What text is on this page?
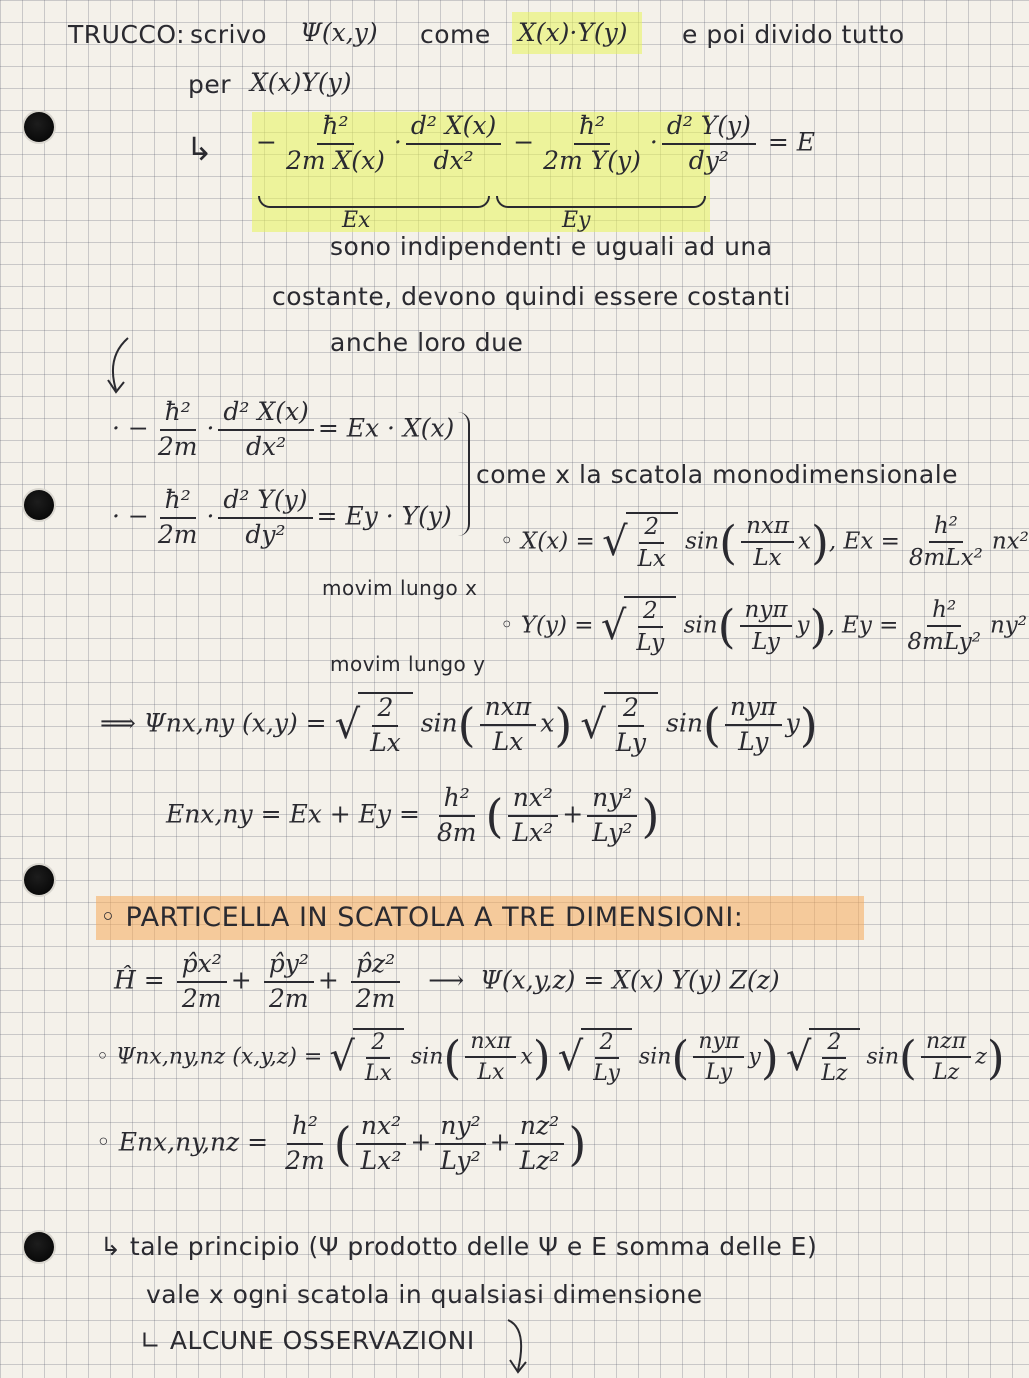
TRUCCO: scrivo Ψ(x,y) come X(x)·Y(y) e poi divido tutto
per X(x)Y(y)
↳ − $\frac{\text{ħ²}}{\text{2m X(x)}} \cdot \frac{\text{d² X(x)}}{\text{dx²}} - \frac{\text{ħ²}}{\text{2m Y(y)}} \cdot \frac{\text{d² Y(y)}}{\text{dy²}} = E$
Ex	Ey
sono indipendenti e uguali ad una
costante, devono quindi essere costanti
anche loro due
· − $\frac{\text{ħ²}}{2m} \cdot \frac{\text{d² X(x)}}{\text{dx²}} = Ex \cdot X(x)$
· − $\frac{\text{ħ²}}{2m} \cdot \frac{\text{d² Y(y)}}{\text{dy²}} = Ey \cdot Y(y)$
come x la scatola monodimensionale
movim lungo x
movim lungo y
◦ X(x) = √ $\frac{2}{Lx} \sin( \frac{\text{nxπ}}{Lx} x)$, $Ex = \frac{\text{h²}}{\text{8mLx²}} nx^2$
◦ Y(y) = √ $\frac{2}{Ly} \sin( \frac{\text{nyπ}}{Ly} y)$, $Ey = \frac{\text{h²}}{\text{8mLy²}} ny^2$
⟹ Ψnx,ny (x,y) = √ $\frac{2}{Lx} \sin( \frac{\text{nxπ}}{Lx} x)$ √ $\frac{2}{Ly} \sin( \frac{\text{nyπ}}{Ly} y)$
$Enx,ny = Ex + Ey = \frac{\text{h²}}{8m}$ ( $\frac{\text{nx²}}{\text{Lx²}} + \frac{\text{ny²}}{\text{Ly²}}$ )
◦ PARTICELLA IN SCATOLA A TRE DIMENSIONI:
Ĥ = $\frac{\text{p̂x²}}{2m} + \frac{\text{p̂y²}}{2m} + \frac{\text{p̂z²}}{2m}$ ⟶ Ψ(x,y,z) = X(x) Y(y) Z(z)
◦ Ψnx,ny,nz (x,y,z) = √ $\frac{2}{Lx} \sin( \frac{\text{nxπ}}{Lx} x)$ √ $\frac{2}{Ly} \sin( \frac{\text{nyπ}}{Ly} y)$ √ $\frac{2}{Lz} \sin( \frac{\text{nzπ}}{Lz} z)$
◦ $Enx,ny,nz = \frac{\text{h²}}{2m}$ ( $\frac{\text{nx²}}{\text{Lx²}} + \frac{\text{ny²}}{\text{Ly²}} + \frac{\text{nz²}}{\text{Lz²}}$ )
↳ tale principio (Ψ prodotto delle Ψ e E somma delle E)
vale x ogni scatola in qualsiasi dimensione
∟ ALCUNE OSSERVAZIONI
